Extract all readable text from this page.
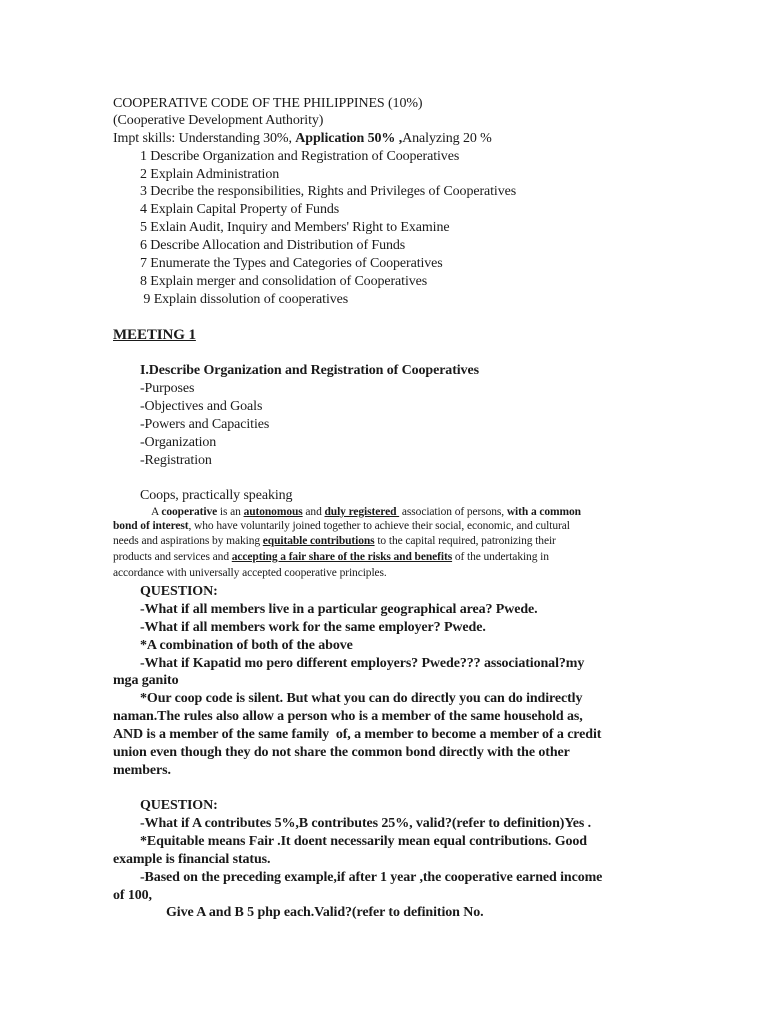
COOPERATIVE CODE OF THE PHILIPPINES (10%)
(Cooperative Development Authority)
Impt skills: Understanding 30%, Application 50% ,Analyzing 20 %
1 Describe Organization and Registration of Cooperatives
2 Explain Administration
3 Decribe the responsibilities, Rights and Privileges of Cooperatives
4 Explain Capital Property of Funds
5 Exlain Audit, Inquiry and Members' Right to Examine
6 Describe Allocation and Distribution of Funds
7 Enumerate the Types and Categories of Cooperatives
8 Explain merger and consolidation of Cooperatives
9 Explain dissolution of cooperatives
MEETING 1
I.Describe Organization and Registration of Cooperatives
-Purposes
-Objectives and Goals
-Powers and Capacities
-Organization
-Registration
Coops, practically speaking
A cooperative is an autonomous and duly registered  association of persons, with a common
bond of interest, who have voluntarily joined together to achieve their social, economic, and cultural
needs and aspirations by making equitable contributions to the capital required, patronizing their
products and services and accepting a fair share of the risks and benefits of the undertaking in
accordance with universally accepted cooperative principles.
QUESTION:
-What if all members live in a particular geographical area? Pwede.
-What if all members work for the same employer? Pwede.
*A combination of both of the above
-What if Kapatid mo pero different employers? Pwede??? associational?my
mga ganito
*Our coop code is silent. But what you can do directly you can do indirectly
naman.The rules also allow a person who is a member of the same household as,
AND is a member of the same family  of, a member to become a member of a credit
union even though they do not share the common bond directly with the other
members.
QUESTION:
-What if A contributes 5%,B contributes 25%, valid?(refer to definition)Yes .
*Equitable means Fair .It doent necessarily mean equal contributions. Good
example is financial status.
-Based on the preceding example,if after 1 year ,the cooperative earned income
of 100,
Give A and B 5 php each.Valid?(refer to definition No.
